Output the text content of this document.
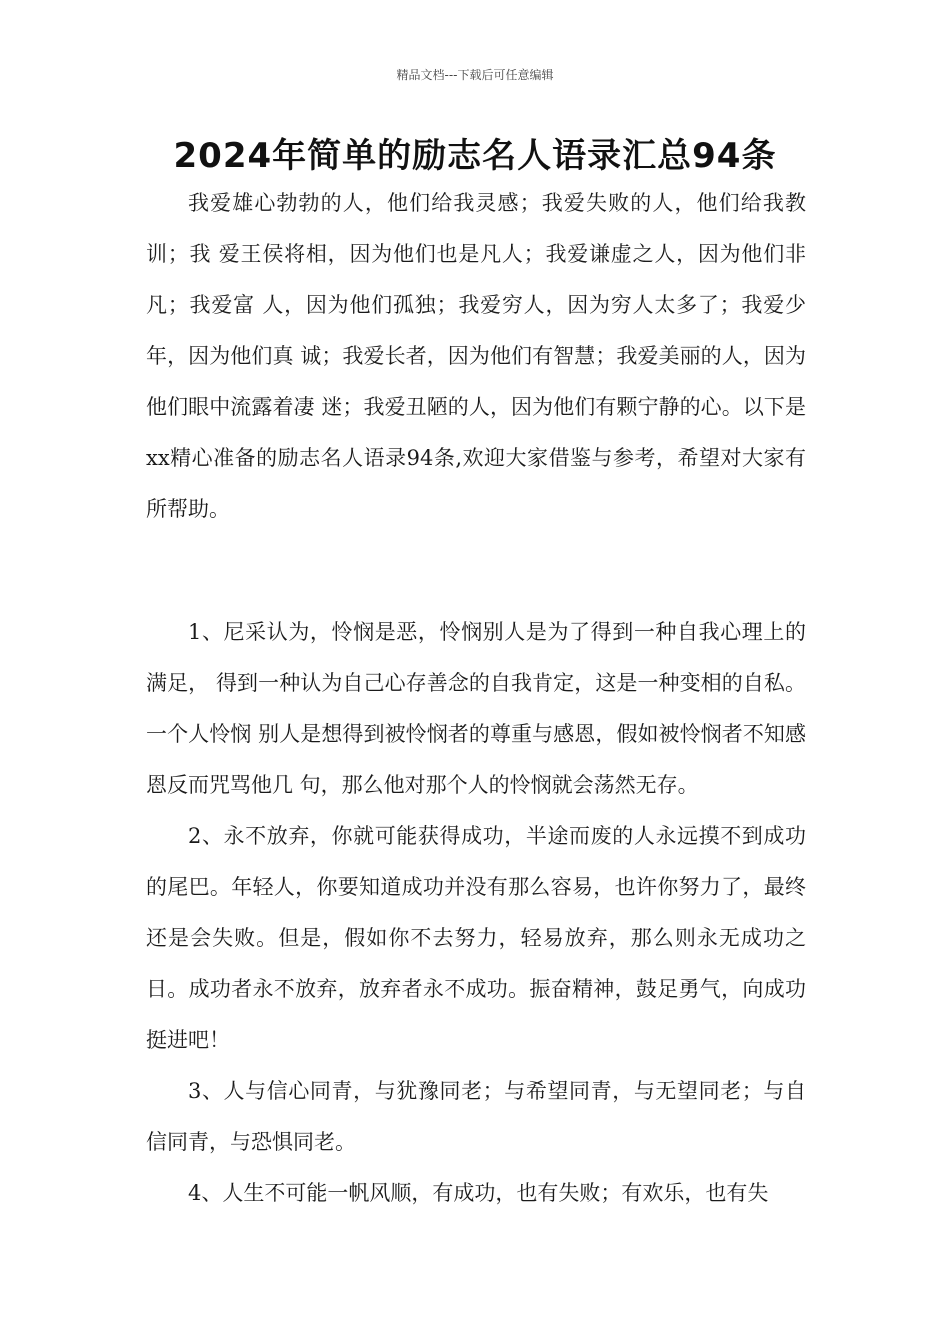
精品文档---下载后可任意编辑
2024年简单的励志名人语录汇总94条

我爱雄心勃勃的人，他们给我灵感；我爱失败的人，他们给我教训；我 爱王侯将相，因为他们也是凡人；我爱谦虚之人，因为他们非凡；我爱富 人，因为他们孤独；我爱穷人，因为穷人太多了；我爱少年，因为他们真 诚；我爱长者，因为他们有智慧；我爱美丽的人，因为他们眼中流露着凄 迷；我爱丑陋的人，因为他们有颗宁静的心。以下是xx精心准备的励志名人语录94条,欢迎大家借鉴与参考，希望对大家有所帮助。

1、尼采认为，怜悯是恶，怜悯别人是为了得到一种自我心理上的满足， 得到一种认为自己心存善念的自我肯定，这是一种变相的自私。一个人怜悯 别人是想得到被怜悯者的尊重与感恩，假如被怜悯者不知感恩反而咒骂他几 句，那么他对那个人的怜悯就会荡然无存。

2、永不放弃，你就可能获得成功，半途而废的人永远摸不到成功的尾巴。年轻人，你要知道成功并没有那么容易，也许你努力了，最终还是会失败。但是，假如你不去努力，轻易放弃，那么则永无成功之日。成功者永不放弃，放弃者永不成功。振奋精神，鼓足勇气，向成功挺进吧！

3、人与信心同青，与犹豫同老；与希望同青，与无望同老；与自信同青，与恐惧同老。

4、人生不可能一帆风顺，有成功，也有失败；有欢乐，也有失
